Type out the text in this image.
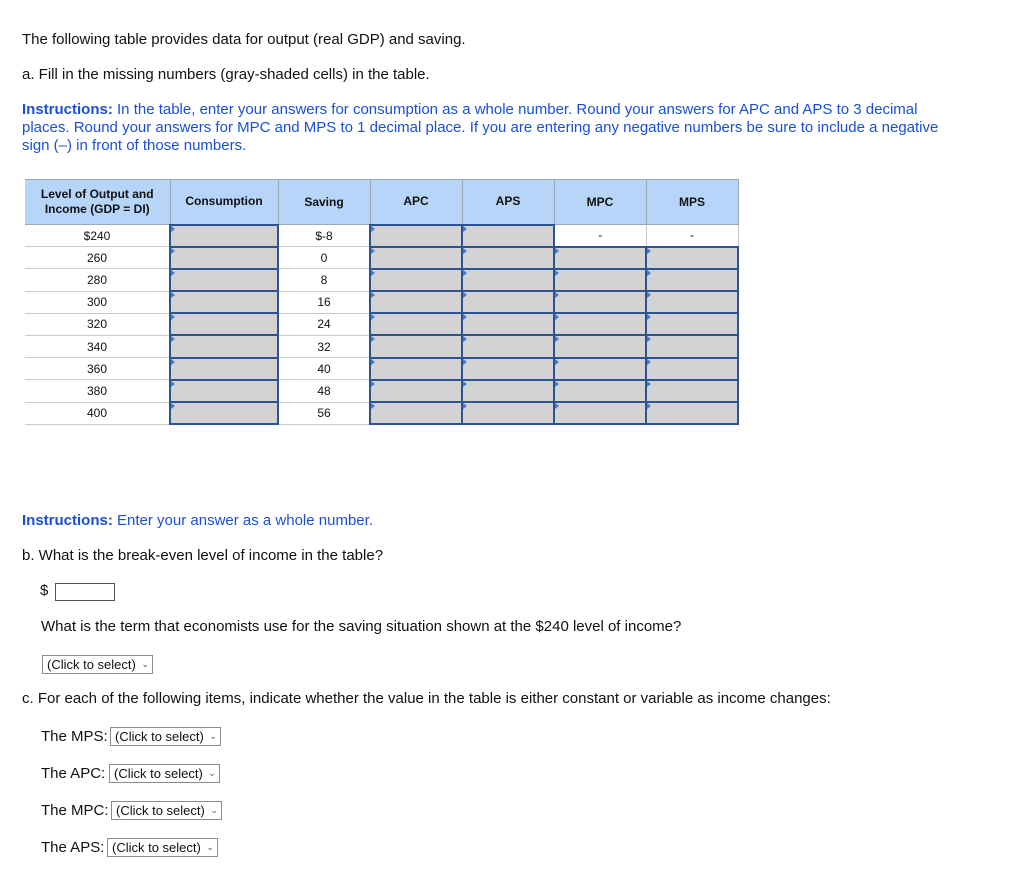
The following table provides data for output (real GDP) and saving.

a. Fill in the missing numbers (gray-shaded cells) in the table.

Instructions: In the table, enter your answers for consumption as a whole number. Round your answers for APC and APS to 3 decimal places. Round your answers for MPC and MPS to 1 decimal place. If you are entering any negative numbers be sure to include a negative sign (–) in front of those numbers.

Level of Output and Income (GDP = DI)	Consumption	Saving	APC	APS	MPC	MPS
$240		$-8			-	-
260		0				
280		8				
300		16				
320		24				
340		32				
360		40				
380		48				
400		56				

Instructions: Enter your answer as a whole number.

b. What is the break-even level of income in the table?

$

What is the term that economists use for the saving situation shown at the $240 level of income?

(Click to select) ⌄

c. For each of the following items, indicate whether the value in the table is either constant or variable as income changes:

The MPS: (Click to select) ⌄
The APC: (Click to select) ⌄
The MPC: (Click to select) ⌄
The APS: (Click to select) ⌄
